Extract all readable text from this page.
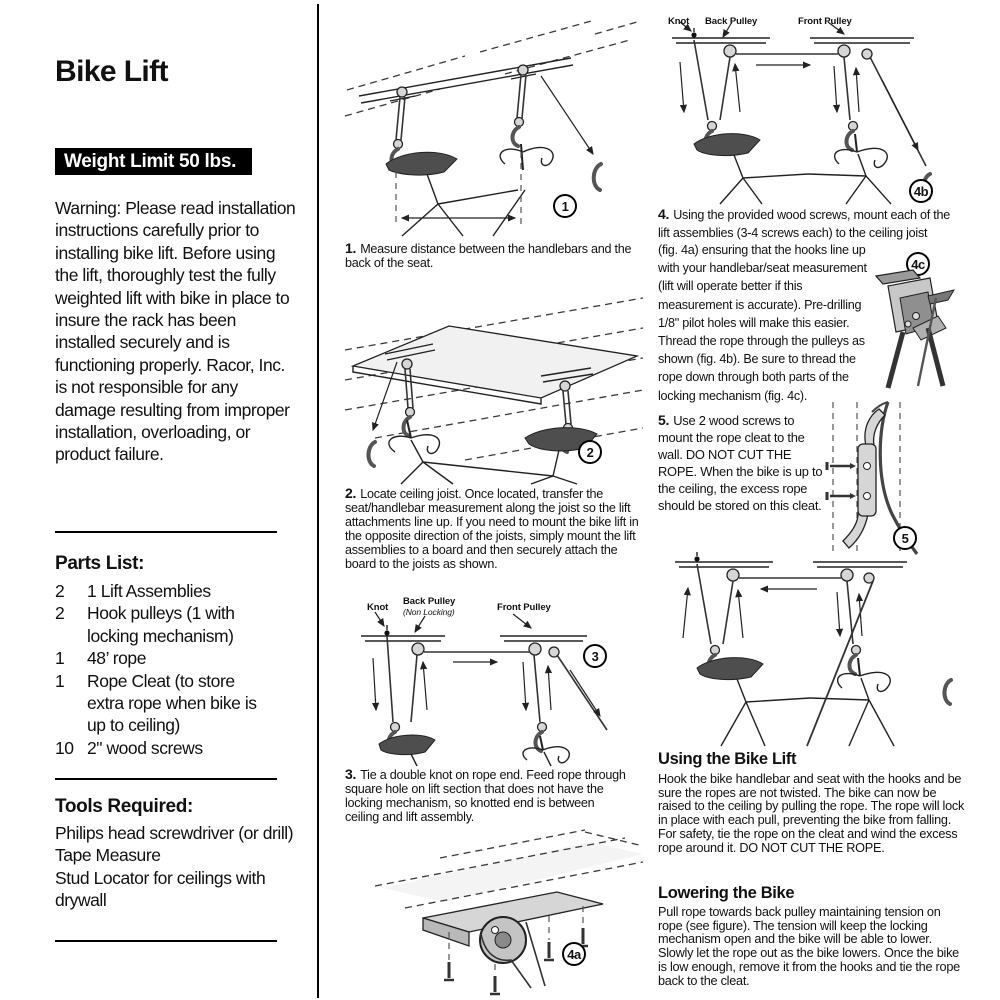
Bike Lift
Weight Limit 50 lbs.

Warning: Please read installation instructions carefully prior to installing bike lift. Before using the lift, thoroughly test the fully weighted lift with bike in place to insure the rack has been installed securely and is functioning properly. Racor, Inc. is not responsible for any damage resulting from improper installation, overloading, or product failure.

Parts List:
2	1 Lift Assemblies
2	Hook pulleys (1 with locking mechanism)
1	48’ rope
1	Rope Cleat (to store extra rope when bike is up to ceiling)
10 2" wood screws
Tools Required:

Philips head screwdriver (or drill)

Tape Measure

Stud Locator for ceilings with drywall

1

1. Measure distance between the handlebars and the back of the seat.

2

2. Locate ceiling joist. Once located, transfer the seat/handlebar measurement along the joist so the lift attachments line up. If you need to mount the bike lift in the opposite direction of the joists, simply mount the lift assemblies to a board and then securely attach the board to the joists as shown.

Knot
Back Pulley
(Non Locking)	Front Pulley
3

3. Tie a double knot on rope end. Feed rope through square hole on lift section that does not have the locking mechanism, so knotted end is between ceiling and lift assembly.

4a
Knot Back Pulley	Front Pulley
4b

4. Using the provided wood screws, mount each of the lift assemblies (3-4 screws each) to the ceiling joist

(fig. 4a) ensuring that the hooks line up with your handlebar/seat measurement (lift will operate better if this measurement is accurate). Pre-drilling 1/8" pilot holes will make this easier. Thread the rope through the pulleys as shown (fig. 4b). Be sure to thread the rope down through both parts of the locking mechanism (fig. 4c).

4c

5. Use 2 wood screws to mount the rope cleat to the wall. DO NOT CUT THE ROPE. When the bike is up to the ceiling, the excess rope should be stored on this cleat.

5
Using the Bike Lift

Hook the bike handlebar and seat with the hooks and be sure the ropes are not twisted. The bike can now be raised to the ceiling by pulling the rope. The rope will lock in place with each pull, preventing the bike from falling. For safety, tie the rope on the cleat and wind the excess rope around it. DO NOT CUT THE ROPE.

Lowering the Bike

Pull rope towards back pulley maintaining tension on rope (see figure). The tension will keep the locking mechanism open and the bike will be able to lower. Slowly let the rope out as the bike lowers. Once the bike is low enough, remove it from the hooks and tie the rope back to the cleat.
